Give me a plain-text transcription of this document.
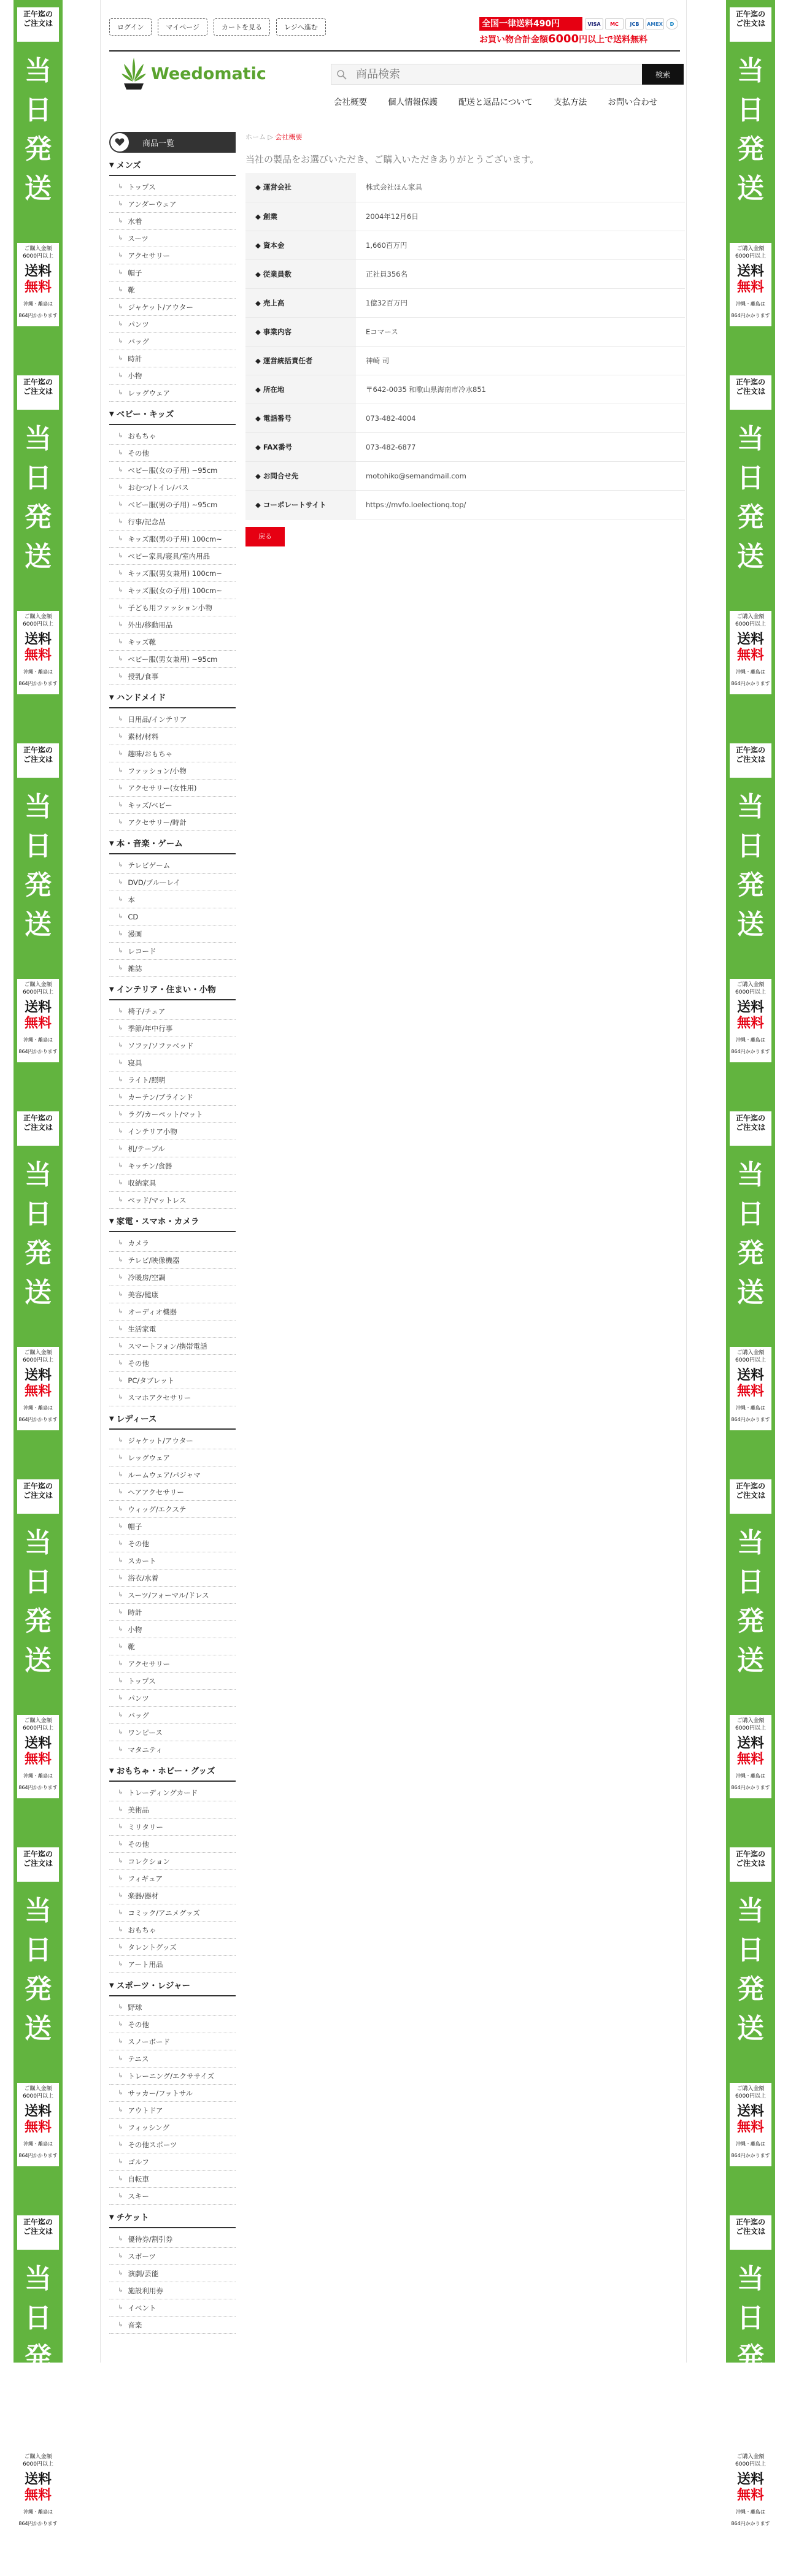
正午迄の
ご注文は
当
日
発
送
ご購入金額
6000円以上
送料
無料
沖縄・離島は
864円かかります
正午迄の
ご注文は
当
日
発
送
ご購入金額
6000円以上
送料
無料
沖縄・離島は
864円かかります
正午迄の
ご注文は
当
日
発
送
ご購入金額
6000円以上
送料
無料
沖縄・離島は
864円かかります
正午迄の
ご注文は
当
日
発
送
ご購入金額
6000円以上
送料
無料
沖縄・離島は
864円かかります
正午迄の
ご注文は
当
日
発
送
ご購入金額
6000円以上
送料
無料
沖縄・離島は
864円かかります
正午迄の
ご注文は
当
日
発
送
ご購入金額
6000円以上
送料
無料
沖縄・離島は
864円かかります
正午迄の
ご注文は
当
日
発
送
ご購入金額
6000円以上
送料
無料
沖縄・離島は
864円かかります
正午迄の
ご注文は
当
日
発
送
ご購入金額
6000円以上
送料
無料
沖縄・離島は
864円かかります
正午迄の
ご注文は
当
日
発
送
ご購入金額
6000円以上
送料
無料
沖縄・離島は
864円かかります
正午迄の
ご注文は
当
日
発
送
ご購入金額
6000円以上
送料
無料
沖縄・離島は
864円かかります
正午迄の
ご注文は
当
日
発
送
ご購入金額
6000円以上
送料
無料
沖縄・離島は
864円かかります
正午迄の
ご注文は
当
日
発
送
ご購入金額
6000円以上
送料
無料
沖縄・離島は
864円かかります
正午迄の
ご注文は
当
日
発
送
ご購入金額
6000円以上
送料
無料
沖縄・離島は
864円かかります
正午迄の
ご注文は
当
日
発
送
ご購入金額
6000円以上
送料
無料
沖縄・離島は
864円かかります
ログイン	マイページ	カートを見る	レジへ進む	全国一律送料490円	VISA	MC	JCB	AMEX	D
お買い物合計金額6000円以上で送料無料
Weedomatic
商品検索	検索
会社概要	個人情報保護	配送と返品について	支払方法	お問い合わせ
商品一覧
▼ メンズ
↳ トップス
↳ アンダーウェア
↳ 水着
↳ スーツ
↳ アクセサリー
↳ 帽子
↳ 靴
↳ ジャケット/アウター
↳ パンツ
↳ バッグ
↳ 時計
↳ 小物
↳ レッグウェア
▼ ベビー・キッズ
↳ おもちゃ
↳ その他
↳ ベビー服(女の子用) ~95cm
↳ おむつ/トイレ/バス
↳ ベビー服(男の子用) ~95cm
↳ 行事/記念品
↳ キッズ服(男の子用) 100cm~
↳ ベビー家具/寝具/室内用品
↳ キッズ服(男女兼用) 100cm~
↳ キッズ服(女の子用) 100cm~
↳ 子ども用ファッション小物
↳ 外出/移動用品
↳ キッズ靴
↳ ベビー服(男女兼用) ~95cm
↳ 授乳/食事
▼ ハンドメイド
↳ 日用品/インテリア
↳ 素材/材料
↳ 趣味/おもちゃ
↳ ファッション/小物
↳ アクセサリー(女性用)
↳ キッズ/ベビー
↳ アクセサリー/時計
▼ 本・音楽・ゲーム
↳ テレビゲーム
↳ DVD/ブルーレイ
↳ 本
↳ CD
↳ 漫画
↳ レコード
↳ 雑誌
▼ インテリア・住まい・小物
↳ 椅子/チェア
↳ 季節/年中行事
↳ ソファ/ソファベッド
↳ 寝具
↳ ライト/照明
↳ カーテン/ブラインド
↳ ラグ/カーペット/マット
↳ インテリア小物
↳ 机/テーブル
↳ キッチン/食器
↳ 収納家具
↳ ベッド/マットレス
▼ 家電・スマホ・カメラ
↳ カメラ
↳ テレビ/映像機器
↳ 冷暖房/空調
↳ 美容/健康
↳ オーディオ機器
↳ 生活家電
↳ スマートフォン/携帯電話
↳ その他
↳ PC/タブレット
↳ スマホアクセサリー
▼ レディース
↳ ジャケット/アウター
↳ レッグウェア
↳ ルームウェア/パジャマ
↳ ヘアアクセサリー
↳ ウィッグ/エクステ
↳ 帽子
↳ その他
↳ スカート
↳ 浴衣/水着
↳ スーツ/フォーマル/ドレス
↳ 時計
↳ 小物
↳ 靴
↳ アクセサリー
↳ トップス
↳ パンツ
↳ バッグ
↳ ワンピース
↳ マタニティ
▼ おもちゃ・ホビー・グッズ
↳ トレーディングカード
↳ 美術品
↳ ミリタリー
↳ その他
↳ コレクション
↳ フィギュア
↳ 楽器/器材
↳ コミック/アニメグッズ
↳ おもちゃ
↳ タレントグッズ
↳ アート用品
▼ スポーツ・レジャー
↳ 野球
↳ その他
↳ スノーボード
↳ テニス
↳ トレーニング/エクササイズ
↳ サッカー/フットサル
↳ アウトドア
↳ フィッシング
↳ その他スポーツ
↳ ゴルフ
↳ 自転車
↳ スキー
▼ チケット
↳ 優待券/割引券
↳ スポーツ
↳ 演劇/芸能
↳ 施設利用券
↳ イベント
↳ 音楽
ホーム ▷ 会社概要
当社の製品をお選びいただき、ご購入いただきありがとうございます。
◆ 運営会社	株式会社ほん家具
◆ 創業	2004年12月6日
◆ 資本金	1,660百万円
◆ 従業員数	正社員356名
◆ 売上高	1億32百万円
◆ 事業内容	Eコマース
◆ 運営統括責任者	神崎 司
◆ 所在地	〒642-0035 和歌山県海南市冷水851
◆ 電話番号	073-482-4004
◆ FAX番号	073-482-6877
◆ お問合せ先	motohiko@semandmail.com
◆ コーポレートサイト	https://mvfo.loelectionq.top/
戻る
